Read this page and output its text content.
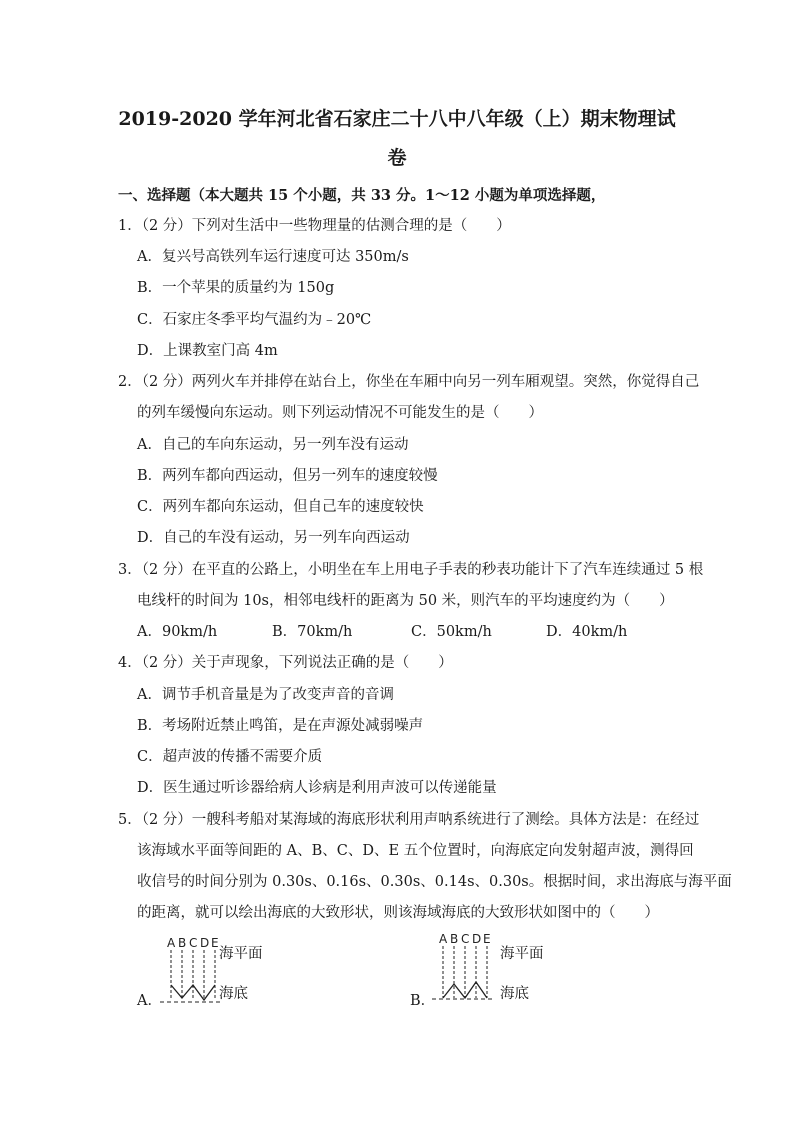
2019-2020 学年河北省石家庄二十八中八年级（上）期末物理试
卷
一、选择题（本大题共 15 个小题，共 33 分。1～12 小题为单项选择题，
1．（2 分）下列对生活中一些物理量的估测合理的是（　　）
A．复兴号高铁列车运行速度可达 350m/s
B．一个苹果的质量约为 150g
C．石家庄冬季平均气温约为﹣20℃
D．上课教室门高 4m
2．（2 分）两列火车并排停在站台上，你坐在车厢中向另一列车厢观望。突然，你觉得自己
的列车缓慢向东运动。则下列运动情况不可能发生的是（　　）
A．自己的车向东运动，另一列车没有运动
B．两列车都向西运动，但另一列车的速度较慢
C．两列车都向东运动，但自己车的速度较快
D．自己的车没有运动，另一列车向西运动
3．（2 分）在平直的公路上，小明坐在车上用电子手表的秒表功能计下了汽车连续通过 5 根
电线杆的时间为 10s，相邻电线杆的距离为 50 米，则汽车的平均速度约为（　　）
A．90km/h	B．70km/h	C．50km/h	D．40km/h
4．（2 分）关于声现象，下列说法正确的是（　　）
A．调节手机音量是为了改变声音的音调
B．考场附近禁止鸣笛，是在声源处减弱噪声
C．超声波的传播不需要介质
D．医生通过听诊器给病人诊病是利用声波可以传递能量
5．（2 分）一艘科考船对某海域的海底形状利用声呐系统进行了测绘。具体方法是：在经过
该海域水平面等间距的 A、B、C、D、E 五个位置时，向海底定向发射超声波，测得回
收信号的时间分别为 0.30s、0.16s、0.30s、0.14s、0.30s。根据时间，求出海底与海平面
的距离，就可以绘出海底的大致形状，则该海域海底的大致形状如图中的（　　）
A．
A B C D E
海平面
海底	B．
A B C D E
海平面
海底
